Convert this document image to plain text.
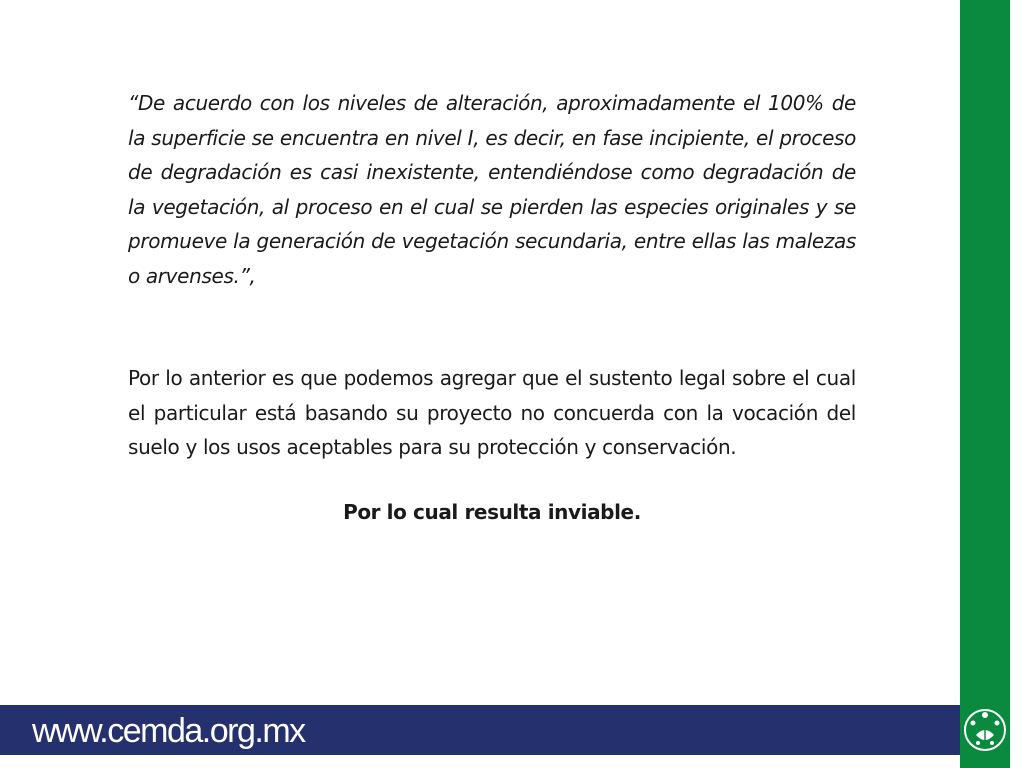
“De acuerdo con los niveles de alteración, aproximadamente el 100% de la superficie se encuentra en nivel I, es decir, en fase incipiente, el proceso de degradación es casi inexistente, entendiéndose como degradación de la vegetación, al proceso en el cual se pierden las especies originales y se promueve la generación de vegetación secundaria, entre ellas las malezas o arvenses.”,

Por lo anterior es que podemos agregar que el sustento legal sobre el cual el particular está basando su proyecto no concuerda con la vocación del suelo y los usos aceptables para su protección y conservación.

Por lo cual resulta inviable.

www.cemda.org.mx
